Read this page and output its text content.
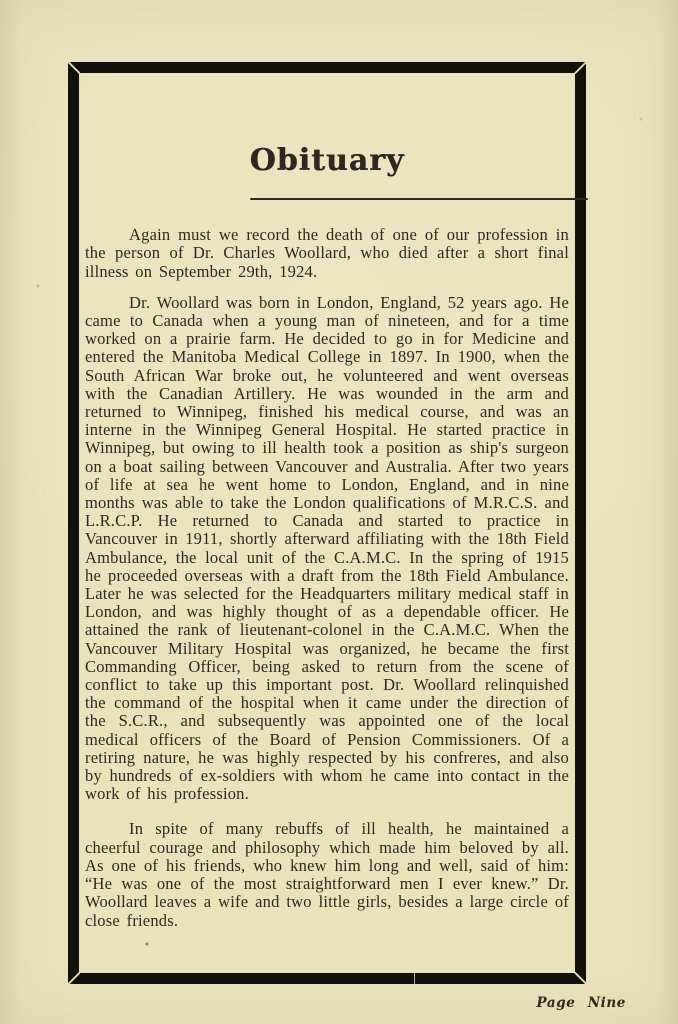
Obituary

Again must we record the death of one of our profession in the person of Dr. Charles Woollard, who died after a short final illness on September 29th, 1924.

Dr. Woollard was born in London, England, 52 years ago. He came to Canada when a young man of nineteen, and for a time worked on a prairie farm. He decided to go in for Medicine and entered the Manitoba Medical College in 1897. In 1900, when the South African War broke out, he volunteered and went overseas with the Canadian Artillery. He was wounded in the arm and returned to Winnipeg, finished his medical course, and was an interne in the Winnipeg General Hospital. He started practice in Winnipeg, but owing to ill health took a position as ship's surgeon on a boat sailing between Vancouver and Australia. After two years of life at sea he went home to London, England, and in nine months was able to take the London qualifications of M.R.C.S. and L.R.C.P. He returned to Canada and started to practice in Vancouver in 1911, shortly afterward affiliating with the 18th Field Ambulance, the local unit of the C.A.M.C. In the spring of 1915 he proceeded overseas with a draft from the 18th Field Ambulance. Later he was selected for the Headquarters military medical staff in London, and was highly thought of as a dependable officer. He attained the rank of lieutenant-colonel in the C.A.M.C. When the Vancouver Military Hospital was organized, he became the first Commanding Officer, being asked to return from the scene of conflict to take up this important post. Dr. Woollard relinquished the command of the hospital when it came under the direction of the S.C.R., and subsequently was appointed one of the local medical officers of the Board of Pension Commissioners. Of a retiring nature, he was highly respected by his confreres, and also by hundreds of ex-soldiers with whom he came into contact in the work of his profession.

In spite of many rebuffs of ill health, he maintained a cheerful courage and philosophy which made him beloved by all. As one of his friends, who knew him long and well, said of him: “He was one of the most straightforward men I ever knew.” Dr. Woollard leaves a wife and two little girls, besides a large circle of close friends.

Page Nine
